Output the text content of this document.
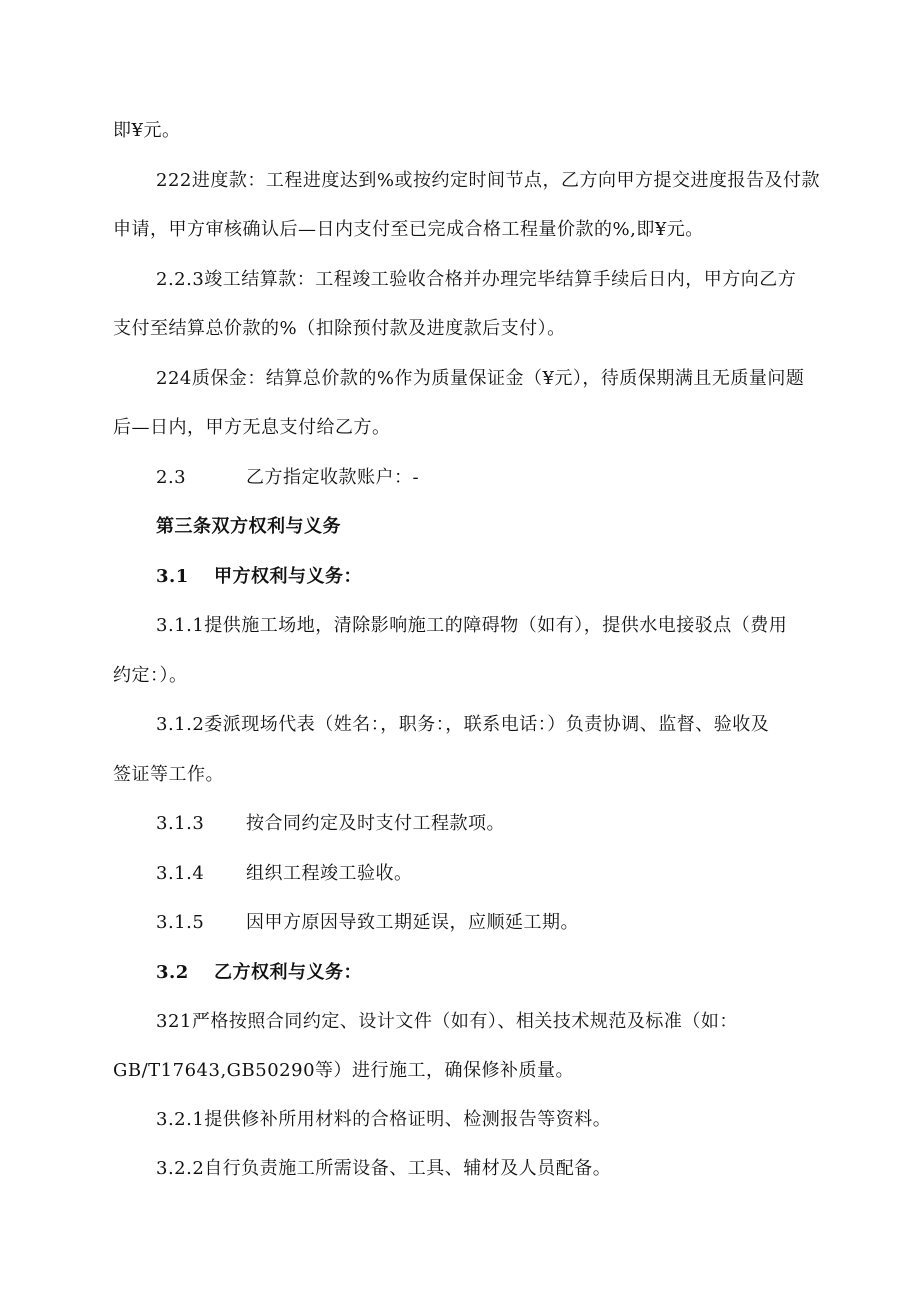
即¥元。
222进度款：工程进度达到%或按约定时间节点，乙方向甲方提交进度报告及付款
申请，甲方审核确认后—日内支付至已完成合格工程量价款的%,即¥元。
2.2.3竣工结算款：工程竣工验收合格并办理完毕结算手续后日内，甲方向乙方
支付至结算总价款的%（扣除预付款及进度款后支付）。
224质保金：结算总价款的%作为质量保证金（¥元），待质保期满且无质量问题
后—日内，甲方无息支付给乙方。
2.3	乙方指定收款账户：-
第三条双方权利与义务
3.1 甲方权利与义务：
3.1.1提供施工场地，清除影响施工的障碍物（如有），提供水电接驳点（费用
约定：）。
3.1.2委派现场代表（姓名：，职务：，联系电话：）负责协调、监督、验收及
签证等工作。
3.1.3 按合同约定及时支付工程款项。
3.1.4 组织工程竣工验收。
3.1.5 因甲方原因导致工期延误，应顺延工期。
3.2 乙方权利与义务：
321严格按照合同约定、设计文件（如有）、相关技术规范及标准（如：
GB/T17643,GB50290等）进行施工，确保修补质量。
3.2.1提供修补所用材料的合格证明、检测报告等资料。
3.2.2自行负责施工所需设备、工具、辅材及人员配备。
